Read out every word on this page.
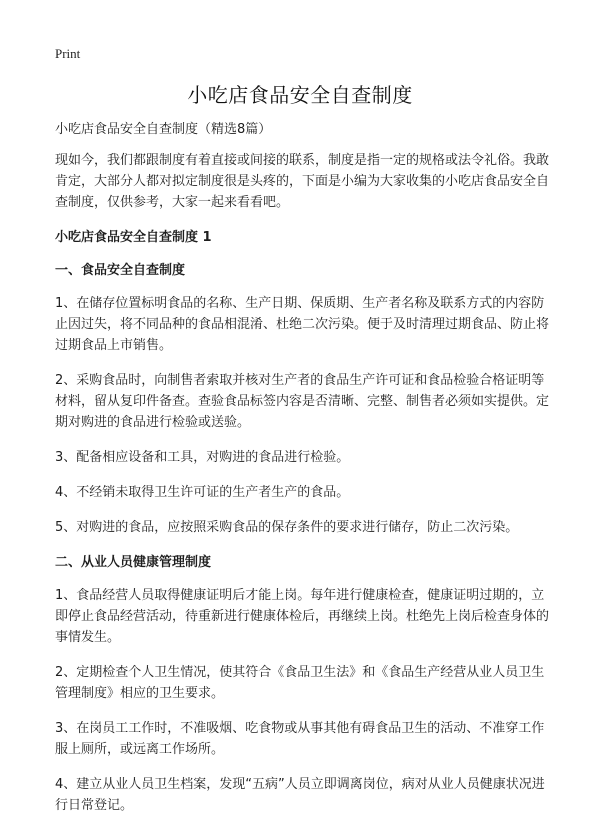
Print
小吃店食品安全自查制度

小吃店食品安全自查制度（精选8篇）

现如今，我们都跟制度有着直接或间接的联系，制度是指一定的规格或法令礼俗。我敢肯定，大部分人都对拟定制度很是头疼的，下面是小编为大家收集的小吃店食品安全自查制度，仅供参考，大家一起来看看吧。

小吃店食品安全自查制度 1

一、食品安全自查制度

1、在储存位置标明食品的名称、生产日期、保质期、生产者名称及联系方式的内容防止因过失，将不同品种的食品相混淆、杜绝二次污染。便于及时清理过期食品、防止将过期食品上市销售。

2、采购食品时，向制售者索取并核对生产者的食品生产许可证和食品检验合格证明等材料，留从复印件备查。查验食品标签内容是否清晰、完整、制售者必须如实提供。定期对购进的食品进行检验或送验。

3、配备相应设备和工具，对购进的食品进行检验。

4、不经销未取得卫生许可证的生产者生产的食品。

5、对购进的食品，应按照采购食品的保存条件的要求进行储存，防止二次污染。

二、从业人员健康管理制度

1、食品经营人员取得健康证明后才能上岗。每年进行健康检查，健康证明过期的，立即停止食品经营活动，待重新进行健康体检后，再继续上岗。杜绝先上岗后检查身体的事情发生。

2、定期检查个人卫生情况，使其符合《食品卫生法》和《食品生产经营从业人员卫生管理制度》相应的卫生要求。

3、在岗员工工作时，不准吸烟、吃食物或从事其他有碍食品卫生的活动、不准穿工作服上厕所，或远离工作场所。

4、建立从业人员卫生档案，发现“五病”人员立即调离岗位，病对从业人员健康状况进行日常登记。
